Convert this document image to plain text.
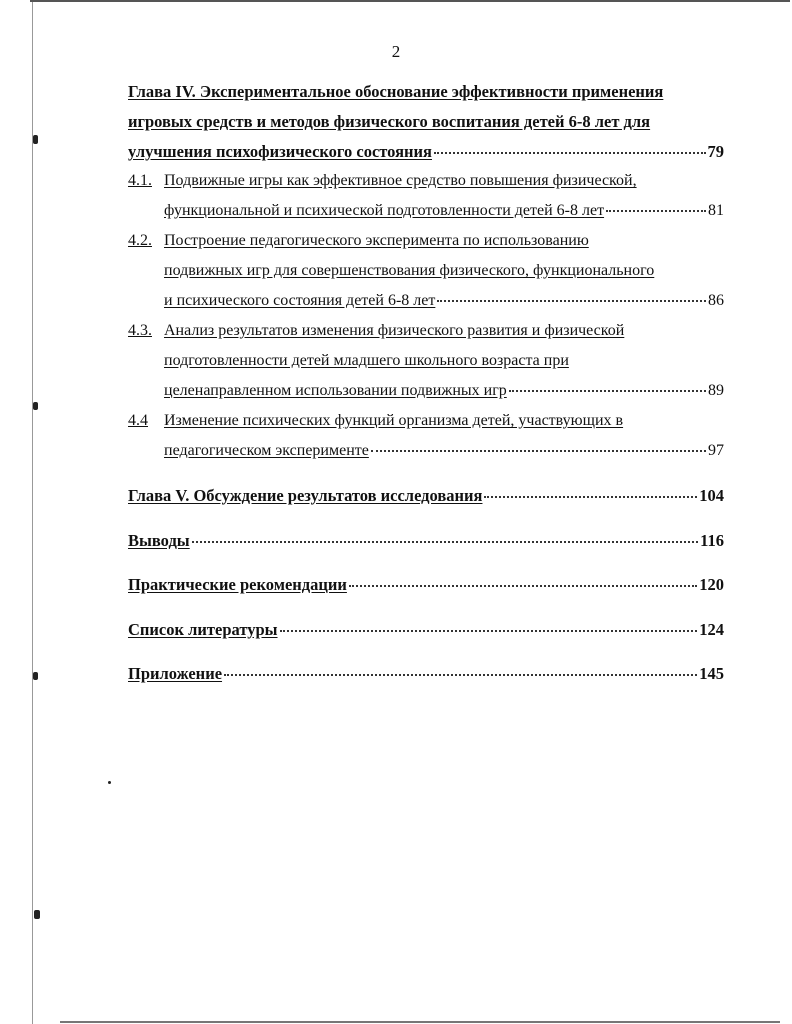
2
Глава IV. Экспериментальное обоснование эффективности применения
игровых средств и методов физического воспитания детей 6-8 лет для
улучшения психофизического состояния	79
4.1. Подвижные игры как эффективное средство повышения физической,
функциональной и психической подготовленности детей 6-8 лет	81
4.2. Построение педагогического эксперимента по использованию
подвижных игр для совершенствования физического, функционального
и психического состояния детей 6-8 лет	86
4.3. Анализ результатов изменения физического развития и физической
подготовленности детей младшего школьного возраста при
целенаправленном использовании подвижных игр	89
4.4	Изменение психических функций организма детей, участвующих в
педагогическом эксперименте	97
Глава V. Обсуждение результатов исследования	104
Выводы	116
Практические рекомендации	120
Список литературы	124
Приложение	145
